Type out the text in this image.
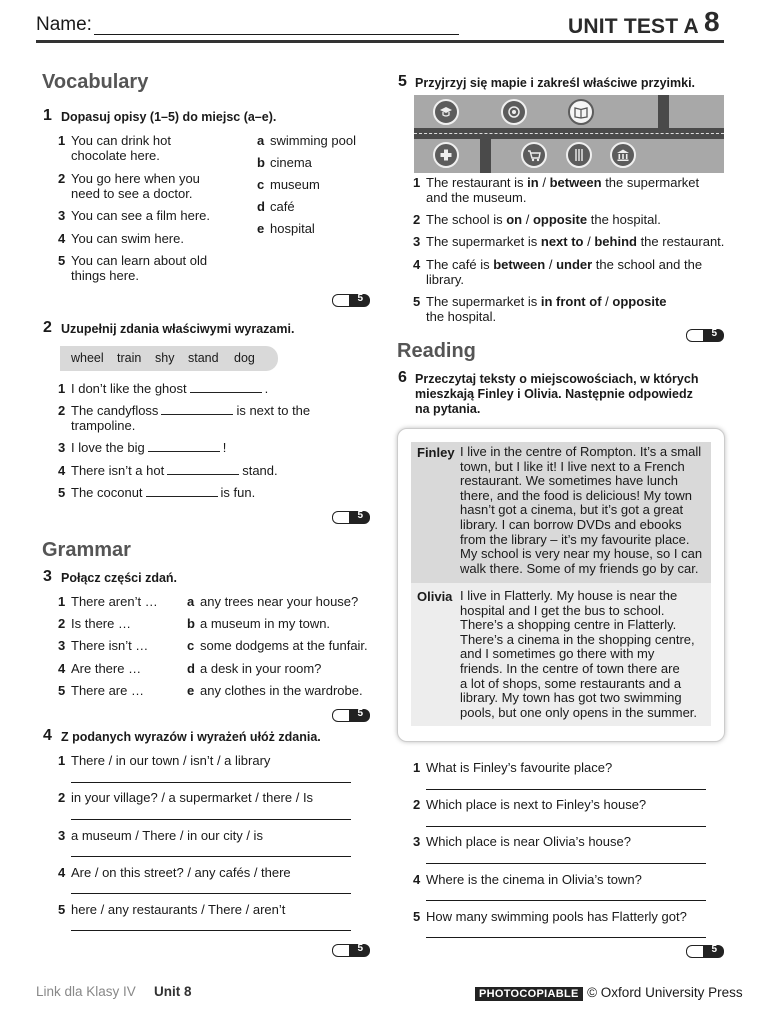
Name:	UNIT TEST A 8
Vocabulary
1 Dopasuj opisy (1–5) do miejsc (a–e).
1 You can drink hot
chocolate here.
2 You go here when you
need to see a doctor.
3 You can see a film here.
4 You can swim here.
5 You can learn about old
things here.
a swimming pool
b cinema
c museum
d café
e hospital
5
2 Uzupełnij zdania właściwymi wyrazami.
wheel train shy stand dog
1 I don’t like the ghost	.
2 The candyfloss	is next to the
trampoline.
3 I love the big	!
4 There isn’t a hot	stand.
5 The coconut	is fun.
5
Grammar
3 Połącz części zdań.
1 There aren’t …
2 Is there …
3 There isn’t …
4 Are there …
5 There are …
a any trees near your house?
b a museum in my town.
c some dodgems at the funfair.
d a desk in your room?
e any clothes in the wardrobe.
5
4 Z podanych wyrazów i wyrażeń ułóż zdania.
1 There / in our town / isn’t / a library
2 in your village? / a supermarket / there / Is
3 a museum / There / in our city / is
4 Are / on this street? / any cafés / there
5 here / any restaurants / There / aren’t
5
5 Przyjrzyj się mapie i zakreśl właściwe przyimki.
1 The restaurant is in / between the supermarket
and the museum.
2 The school is on / opposite the hospital.
3 The supermarket is next to / behind the restaurant.
4 The café is between / under the school and the
library.
5 The supermarket is in front of / opposite
the hospital.
5
Reading
6 Przeczytaj teksty o miejscowościach, w których
mieszkają Finley i Olivia. Następnie odpowiedz
na pytania.
Finley I live in the centre of Rompton. It’s a small
town, but I like it! I live next to a French
restaurant. We sometimes have lunch
there, and the food is delicious! My town
hasn’t got a cinema, but it’s got a great
library. I can borrow DVDs and ebooks
from the library – it’s my favourite place.
My school is very near my house, so I can
walk there. Some of my friends go by car.
Olivia I live in Flatterly. My house is near the
hospital and I get the bus to school.
There’s a shopping centre in Flatterly.
There’s a cinema in the shopping centre,
and I sometimes go there with my
friends. In the centre of town there are
a lot of shops, some restaurants and a
library. My town has got two swimming
pools, but one only opens in the summer.
1 What is Finley’s favourite place?
2 Which place is next to Finley’s house?
3 Which place is near Olivia’s house?
4 Where is the cinema in Olivia’s town?
5 How many swimming pools has Flatterly got?
5
Link dla Klasy IV Unit 8	PHOTOCOPIABLE © Oxford University Press
